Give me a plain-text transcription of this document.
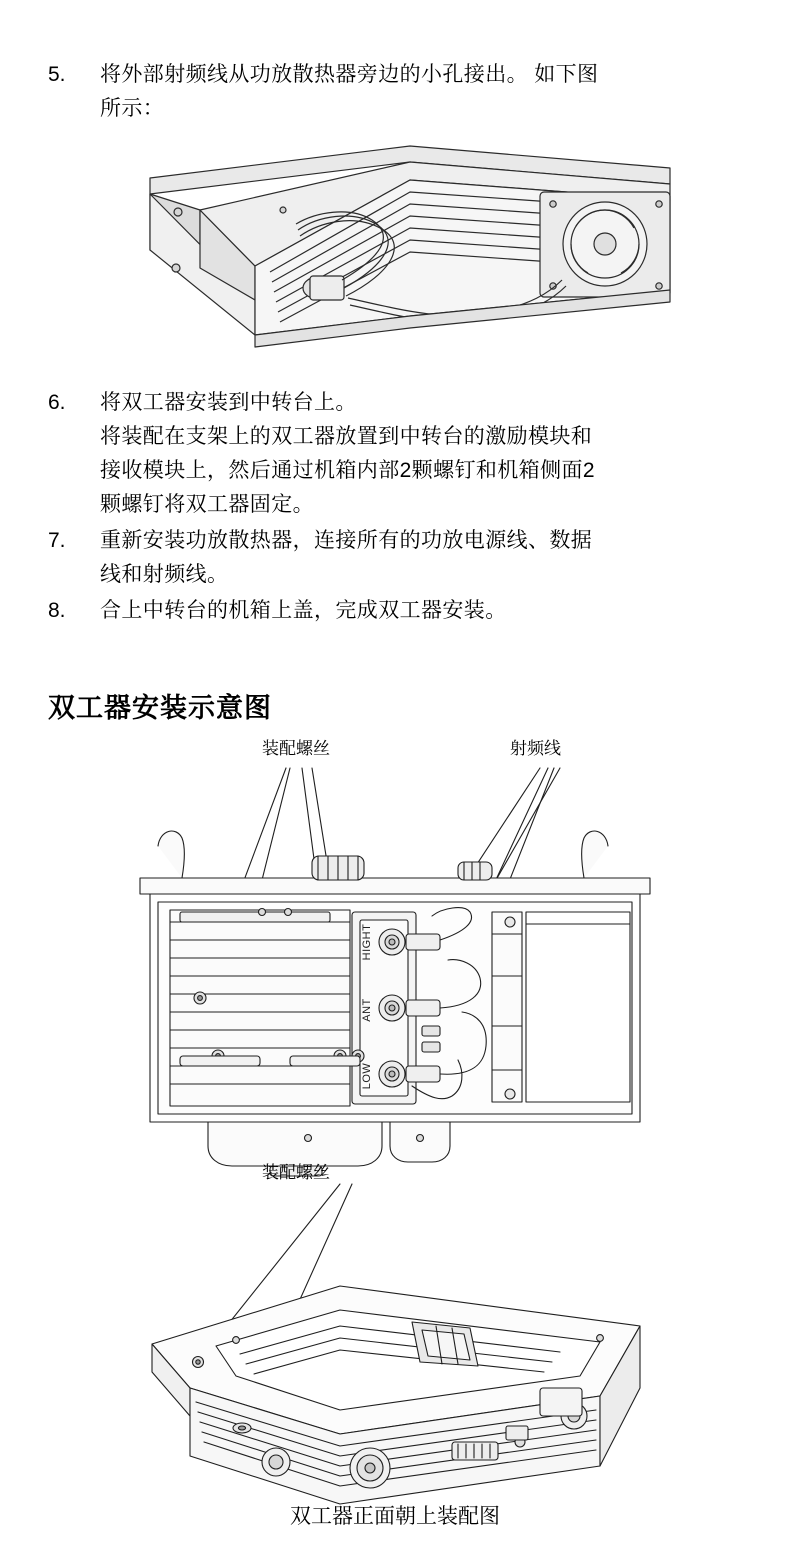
5.	将外部射频线从功放散热器旁边的小孔接出。 如下图

所示：

6.	将双工器安装到中转台上。

将装配在支架上的双工器放置到中转台的激励模块和

接收模块上，然后通过机箱内部2颗螺钉和机箱侧面2

颗螺钉将双工器固定。

7.	重新安装功放散热器，连接所有的功放电源线、数据

线和射频线。

8.	合上中转台的机箱上盖，完成双工器安装。

双工器安装示意图
HIGHT
ANT
LOW
装配螺丝	射频线
装配螺丝
双工器正面朝上装配图
